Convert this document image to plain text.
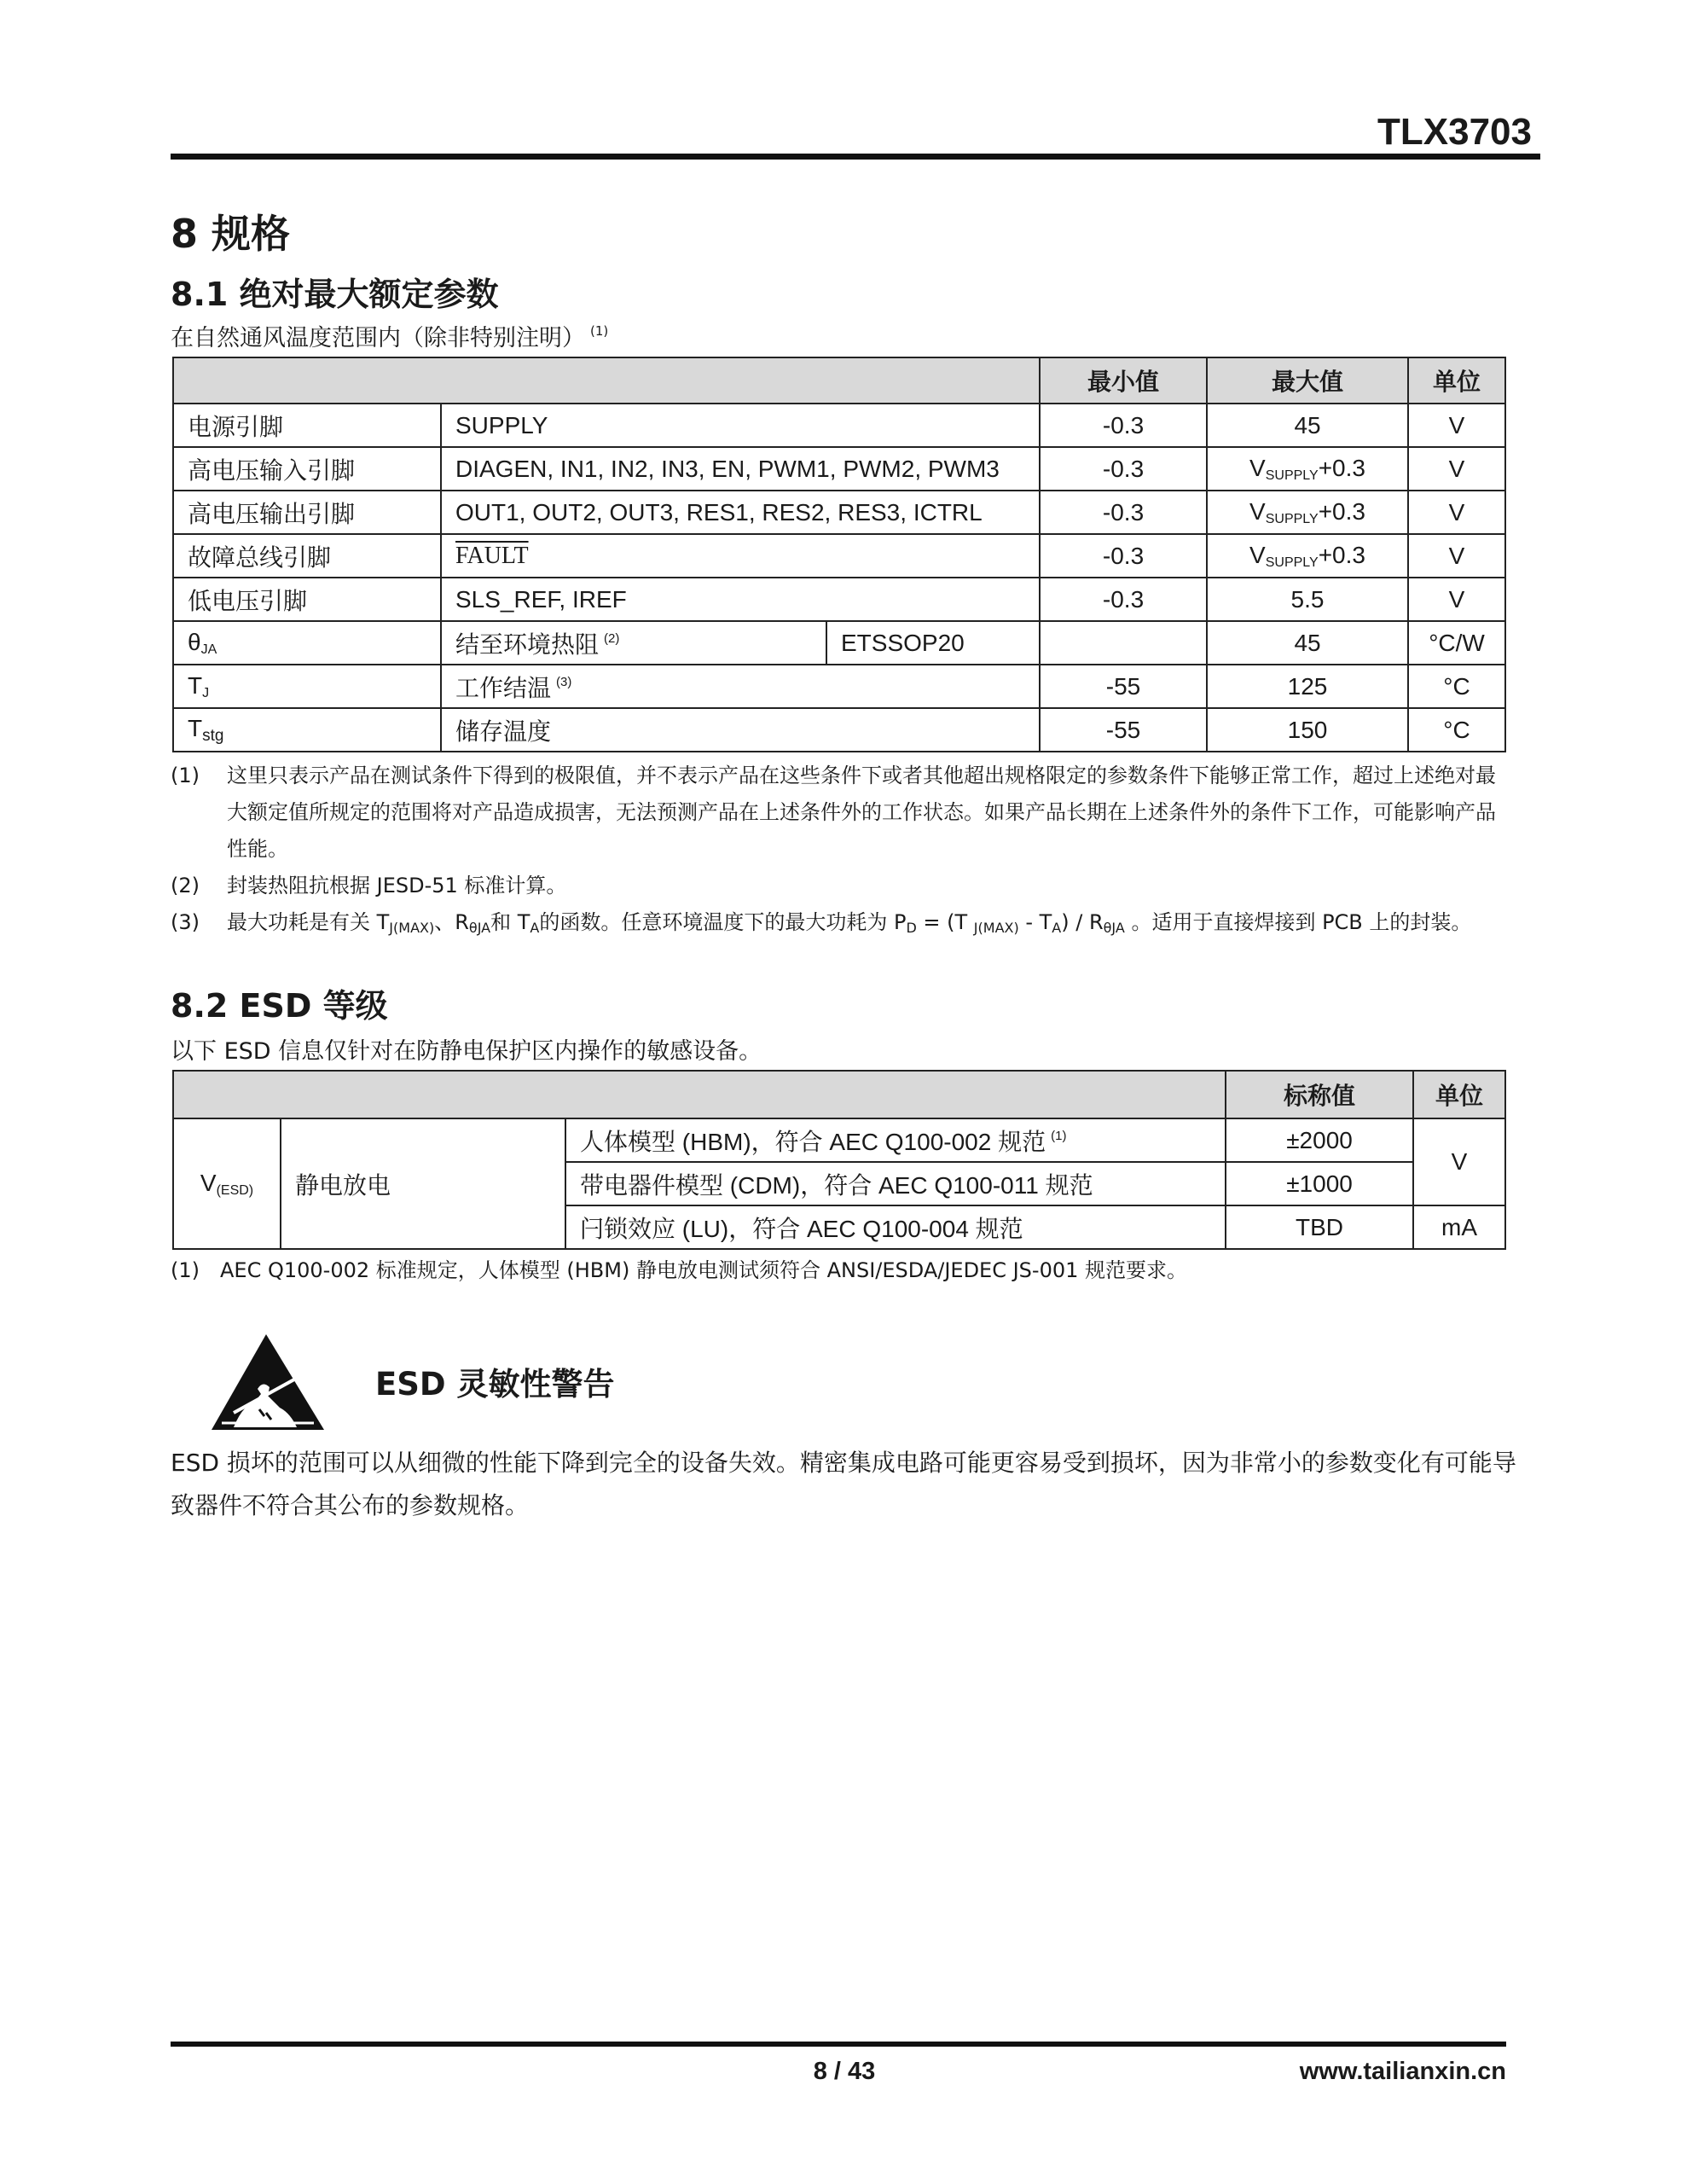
TLX3703
8 规格
8.1 绝对最大额定参数
在自然通风温度范围内（除非特别注明） $^{(1)}$
			最小值	最大值	单位
电源引脚	SUPPLY		-0.3	45	V
高电压输入引脚	DIAGEN, IN1, IN2, IN3, EN, PWM1, PWM2, PWM3		-0.3	$V_{SUPPLY}+0.3$	V
高电压输出引脚	OUT1, OUT2, OUT3, RES1, RES2, RES3, ICTRL		-0.3	$V_{SUPPLY}+0.3$	V
故障总线引脚	FAULT		-0.3	$V_{SUPPLY}+0.3$	V
低电压引脚	SLS_REF, IREF		-0.3	5.5	V
$\theta_{JA}$	结至环境热阻 $^{(2)}$	ETSSOP20		45	°C/W
$T_J$	工作结温 $^{(3)}$		-55	125	°C
$T_{stg}$	储存温度		-55	150	°C
(1) 这里只表示产品在测试条件下得到的极限值，并不表示产品在这些条件下或者其他超出规格限定的参数条件下能够正常工作，超过上述绝对最大额定值所规定的范围将对产品造成损害，无法预测产品在上述条件外的工作状态。如果产品长期在上述条件外的条件下工作，可能影响产品性能。
(2) 封装热阻抗根据 JESD-51 标准计算。
(3) 最大功耗是有关 $T_{J(MAX)}$、$R_{\theta JA}$和 $T_A$的函数。任意环境温度下的最大功耗为 $P_D = (T$ $_{J(MAX)} - T_A) / R_{\theta JA}$ 。适用于直接焊接到 PCB 上的封装。
8.2 ESD 等级
以下 ESD 信息仅针对在防静电保护区内操作的敏感设备。
			标称值	单位
$V_{(ESD)}$	静电放电	人体模型 (HBM)，符合 AEC Q100-002 规范 $^{(1)}$	±2000	V
		带电器件模型 (CDM)，符合 AEC Q100-011 规范	±1000	
		闩锁效应 (LU)，符合 AEC Q100-004 规范	TBD	mA
(1) AEC Q100-002 标准规定，人体模型 (HBM) 静电放电测试须符合 ANSI/ESDA/JEDEC JS-001 规范要求。
ESD 灵敏性警告
ESD 损坏的范围可以从细微的性能下降到完全的设备失效。精密集成电路可能更容易受到损坏，因为非常小的参数变化有可能导致器件不符合其公布的参数规格。
8 / 43	www.tailianxin.cn
